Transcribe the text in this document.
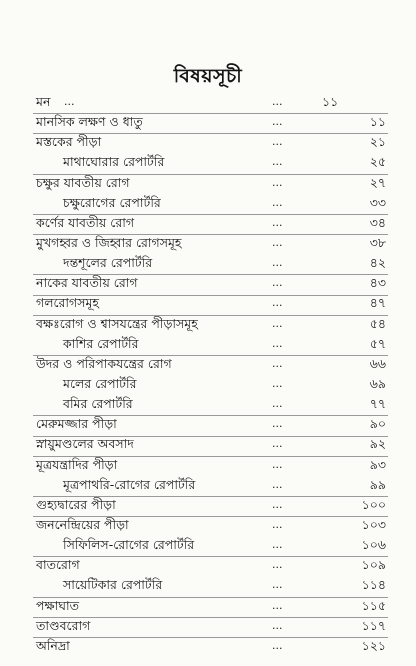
বিষয়সূচী
মন ...	...	১১
মানসিক লক্ষণ ও ধাতু	...	১১
মস্তকের পীড়া	...	২১
মাথাঘোরার রেপার্টরি	...	২৫
চক্ষুর যাবতীয় রোগ	...	২৭
চক্ষুরোগের রেপার্টরি	...	৩৩
কর্ণের যাবতীয় রোগ	...	৩৪
মুখগহ্বর ও জিহ্বার রোগসমূহ	...	৩৮
দন্তশূলের রেপার্টরি	...	৪২
নাকের যাবতীয় রোগ	...	৪৩
গলরোগসমূহ	...	৪৭
বক্ষঃরোগ ও শ্বাসযন্ত্রের পীড়াসমূহ	...	৫৪
কাশির রেপার্টরি	...	৫৭
উদর ও পরিপাকযন্ত্রের রোগ	...	৬৬
মলের রেপার্টরি	...	৬৯
বমির রেপার্টরি	...	৭৭
মেরুমজ্জার পীড়া	...	৯০
স্নায়ুমণ্ডলের অবসাদ	...	৯২
মূত্রযন্ত্রাদির পীড়া	...	৯৩
মূত্রপাথরি-রোগের রেপার্টরি	...	৯৯
গুহ্যদ্বারের পীড়া	...	১০০
জননেন্দ্রিয়ের পীড়া	...	১০৩
সিফিলিস-রোগের রেপার্টরি	...	১০৬
বাতরোগ	...	১০৯
সায়েটিকার রেপার্টরি	...	১১৪
পক্ষাঘাত	...	১১৫
তাণ্ডবরোগ	...	১১৭
অনিদ্রা	...	১২১
